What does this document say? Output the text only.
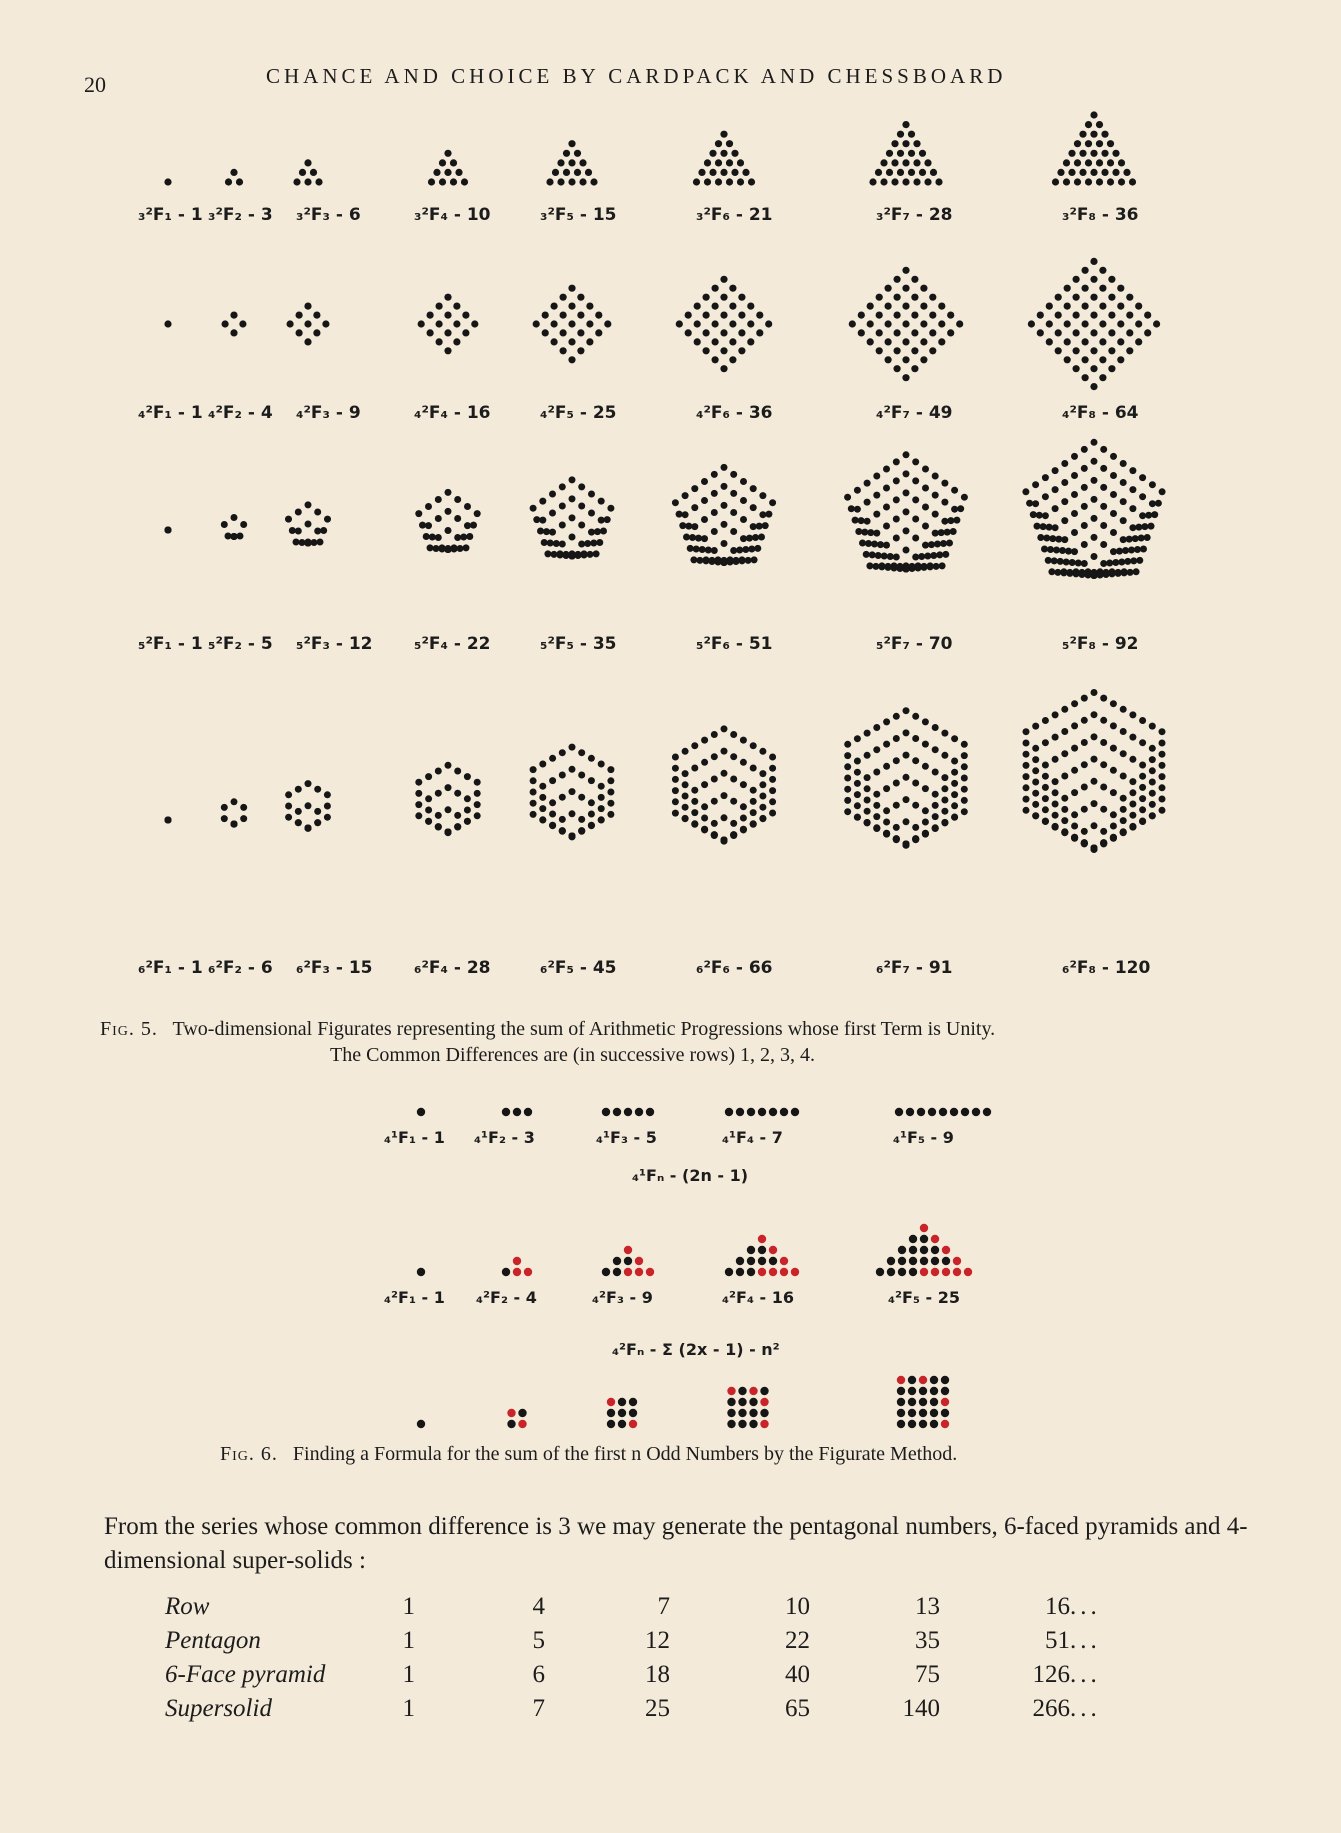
20	CHANCE AND CHOICE BY CARDPACK AND CHESSBOARD
₃²F₁ - 1 ₃²F₂ - 3 ₃²F₃ - 6	₃²F₄ - 10	₃²F₅ - 15	₃²F₆ - 21	₃²F₇ - 28	₃²F₈ - 36
₄²F₁ - 1 ₄²F₂ - 4 ₄²F₃ - 9	₄²F₄ - 16	₄²F₅ - 25	₄²F₆ - 36	₄²F₇ - 49	₄²F₈ - 64
₅²F₁ - 1 ₅²F₂ - 5 ₅²F₃ - 12 ₅²F₄ - 22	₅²F₅ - 35	₅²F₆ - 51	₅²F₇ - 70	₅²F₈ - 92
₆²F₁ - 1 ₆²F₂ - 6 ₆²F₃ - 15 ₆²F₄ - 28	₆²F₅ - 45	₆²F₆ - 66	₆²F₇ - 91	₆²F₈ - 120
Fig. 5. Two-dimensional Figurates representing the sum of Arithmetic Progressions whose first Term is Unity.
The Common Differences are (in successive rows) 1, 2, 3, 4.
₄¹F₁ - 1 ₄¹F₂ - 3	₄¹F₃ - 5	₄¹F₄ - 7	₄¹F₅ - 9
₄¹Fₙ - (2n - 1)
₄²F₁ - 1 ₄²F₂ - 4	₄²F₃ - 9	₄²F₄ - 16	₄²F₅ - 25
₄²Fₙ - Σ (2x - 1) - n²
Fig. 6. Finding a Formula for the sum of the first n Odd Numbers by the Figurate Method.
From the series whose common difference is 3 we may generate the pentagonal numbers, 6-faced pyramids and 4-dimensional super-solids :
Row	1	4	7	10	13	16	...
Pentagon	1	5	12	22	35	51	...
6-Face pyramid	1	6	18	40	75	126	...
Supersolid	1	7	25	65	140	266	...
